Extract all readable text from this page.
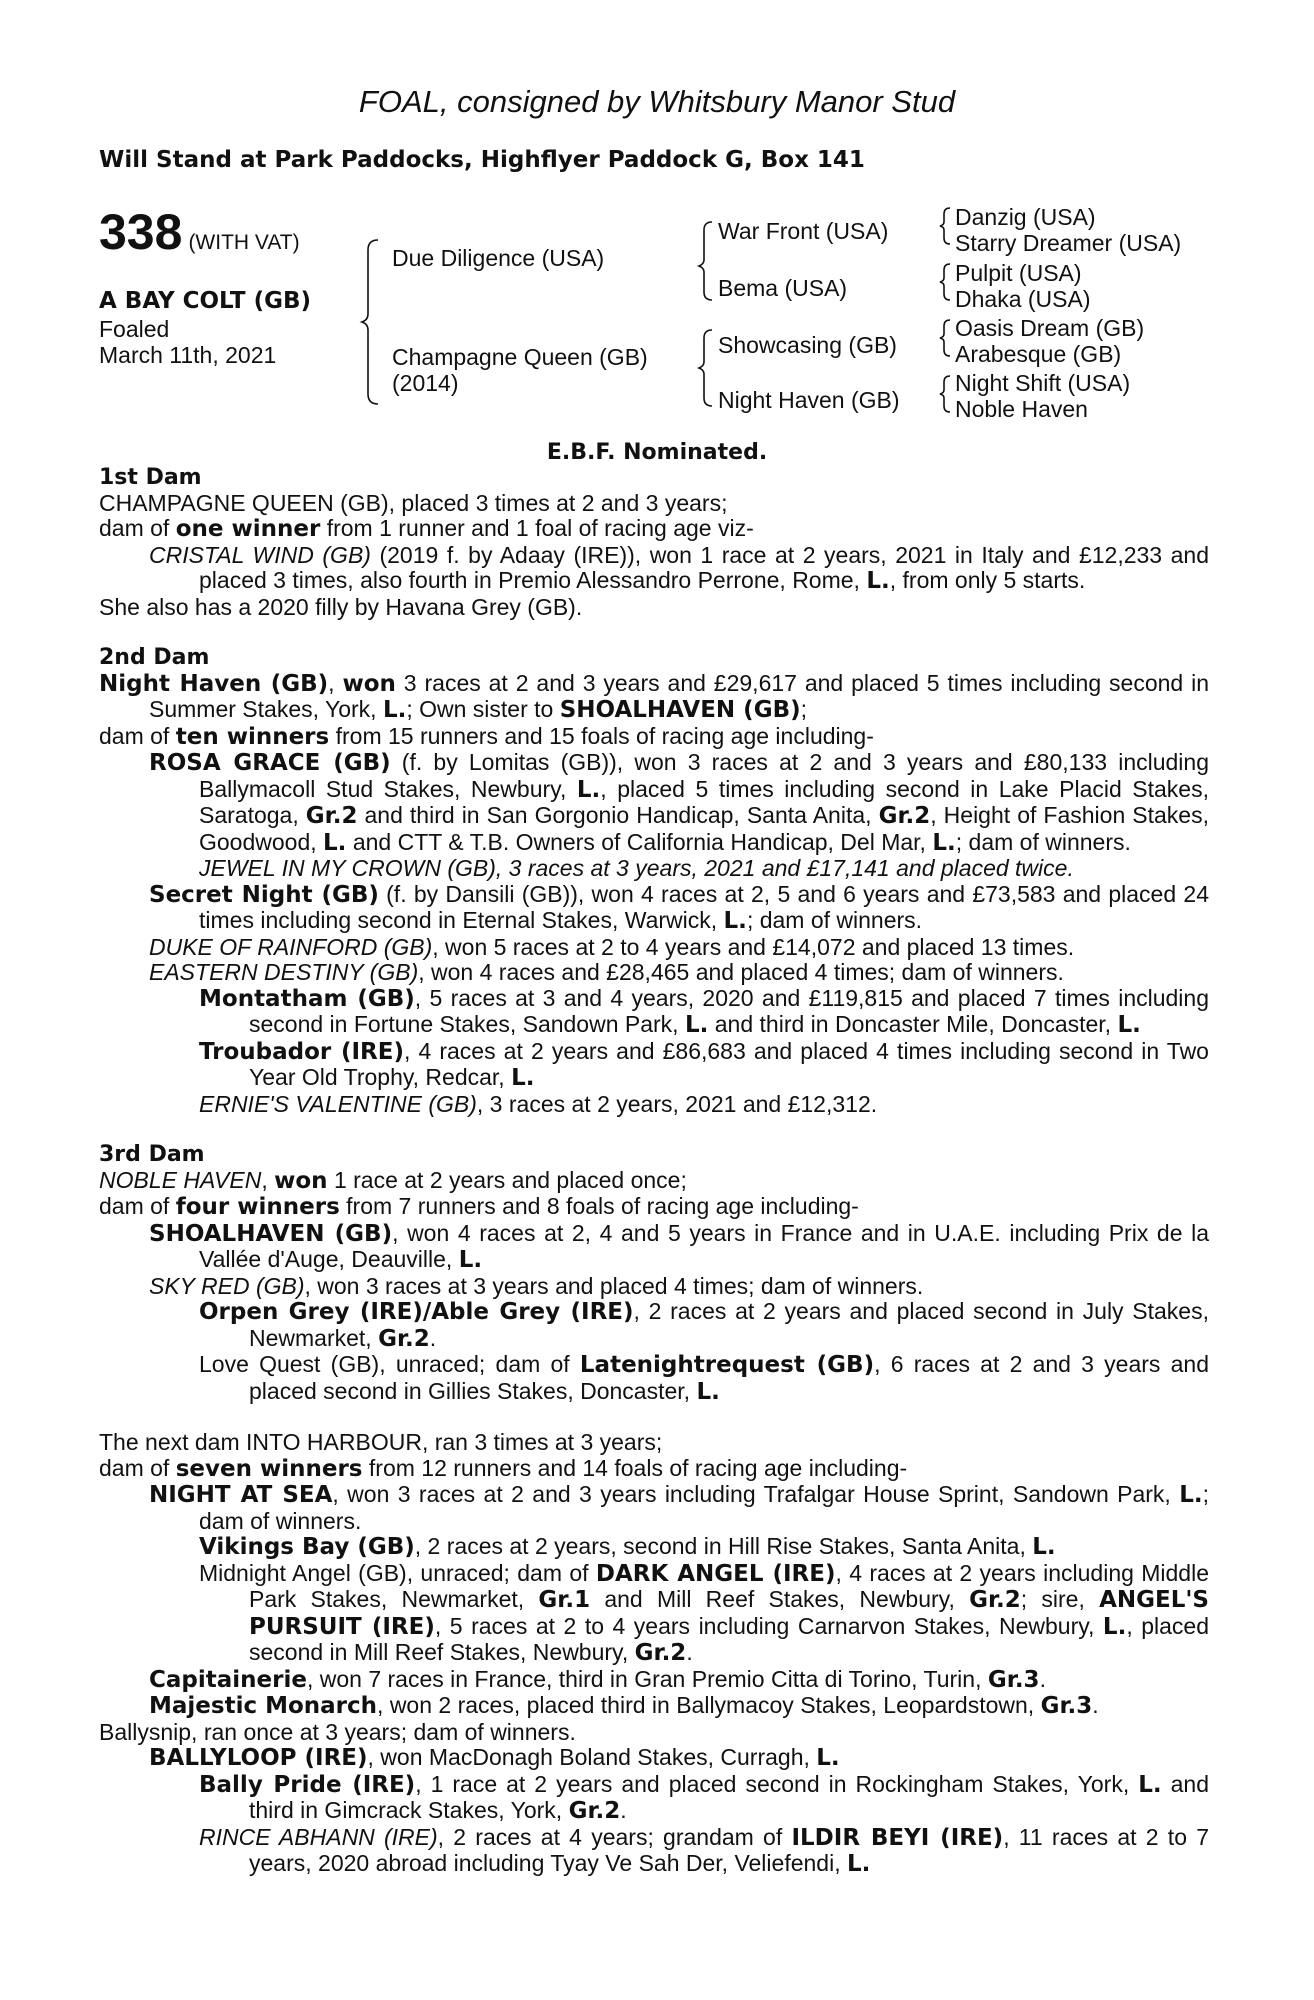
FOAL, consigned by Whitsbury Manor Stud
Will Stand at Park Paddocks, Highflyer Paddock G, Box 141
338 (WITH VAT)
A BAY COLT (GB)
Foaled
March 11th, 2021
Due Diligence (USA)
Champagne Queen (GB)
(2014)
War Front (USA)
Bema (USA)
Showcasing (GB)
Night Haven (GB)
Danzig (USA)
Starry Dreamer (USA)
Pulpit (USA)
Dhaka (USA)
Oasis Dream (GB)
Arabesque (GB)
Night Shift (USA)
Noble Haven
E.B.F. Nominated.

1st Dam

CHAMPAGNE QUEEN (GB), placed 3 times at 2 and 3 years;

dam of one winner from 1 runner and 1 foal of racing age viz-

CRISTAL WIND (GB) (2019 f. by Adaay (IRE)), won 1 race at 2 years, 2021 in Italy and £12,233 and placed 3 times, also fourth in Premio Alessandro Perrone, Rome, L., from only 5 starts.

She also has a 2020 filly by Havana Grey (GB).

2nd Dam

Night Haven (GB), won 3 races at 2 and 3 years and £29,617 and placed 5 times including second in Summer Stakes, York, L.; Own sister to SHOALHAVEN (GB);

dam of ten winners from 15 runners and 15 foals of racing age including-

ROSA GRACE (GB) (f. by Lomitas (GB)), won 3 races at 2 and 3 years and £80,133 including Ballymacoll Stud Stakes, Newbury, L., placed 5 times including second in Lake Placid Stakes, Saratoga, Gr.2 and third in San Gorgonio Handicap, Santa Anita, Gr.2, Height of Fashion Stakes, Goodwood, L. and CTT & T.B. Owners of California Handicap, Del Mar, L.; dam of winners.

JEWEL IN MY CROWN (GB), 3 races at 3 years, 2021 and £17,141 and placed twice.

Secret Night (GB) (f. by Dansili (GB)), won 4 races at 2, 5 and 6 years and £73,583 and placed 24 times including second in Eternal Stakes, Warwick, L.; dam of winners.

DUKE OF RAINFORD (GB), won 5 races at 2 to 4 years and £14,072 and placed 13 times.

EASTERN DESTINY (GB), won 4 races and £28,465 and placed 4 times; dam of winners.

Montatham (GB), 5 races at 3 and 4 years, 2020 and £119,815 and placed 7 times including second in Fortune Stakes, Sandown Park, L. and third in Doncaster Mile, Doncaster, L.

Troubador (IRE), 4 races at 2 years and £86,683 and placed 4 times including second in Two Year Old Trophy, Redcar, L.

ERNIE'S VALENTINE (GB), 3 races at 2 years, 2021 and £12,312.

3rd Dam

NOBLE HAVEN, won 1 race at 2 years and placed once;

dam of four winners from 7 runners and 8 foals of racing age including-

SHOALHAVEN (GB), won 4 races at 2, 4 and 5 years in France and in U.A.E. including Prix de la Vallée d'Auge, Deauville, L.

SKY RED (GB), won 3 races at 3 years and placed 4 times; dam of winners.

Orpen Grey (IRE)/Able Grey (IRE), 2 races at 2 years and placed second in July Stakes, Newmarket, Gr.2.

Love Quest (GB), unraced; dam of Latenightrequest (GB), 6 races at 2 and 3 years and placed second in Gillies Stakes, Doncaster, L.

The next dam INTO HARBOUR, ran 3 times at 3 years;

dam of seven winners from 12 runners and 14 foals of racing age including-

NIGHT AT SEA, won 3 races at 2 and 3 years including Trafalgar House Sprint, Sandown Park, L.; dam of winners.

Vikings Bay (GB), 2 races at 2 years, second in Hill Rise Stakes, Santa Anita, L.

Midnight Angel (GB), unraced; dam of DARK ANGEL (IRE), 4 races at 2 years including Middle Park Stakes, Newmarket, Gr.1 and Mill Reef Stakes, Newbury, Gr.2; sire, ANGEL'S PURSUIT (IRE), 5 races at 2 to 4 years including Carnarvon Stakes, Newbury, L., placed second in Mill Reef Stakes, Newbury, Gr.2.

Capitainerie, won 7 races in France, third in Gran Premio Citta di Torino, Turin, Gr.3.

Majestic Monarch, won 2 races, placed third in Ballymacoy Stakes, Leopardstown, Gr.3.

Ballysnip, ran once at 3 years; dam of winners.

BALLYLOOP (IRE), won MacDonagh Boland Stakes, Curragh, L.

Bally Pride (IRE), 1 race at 2 years and placed second in Rockingham Stakes, York, L. and third in Gimcrack Stakes, York, Gr.2.

RINCE ABHANN (IRE), 2 races at 4 years; grandam of ILDIR BEYI (IRE), 11 races at 2 to 7 years, 2020 abroad including Tyay Ve Sah Der, Veliefendi, L.
